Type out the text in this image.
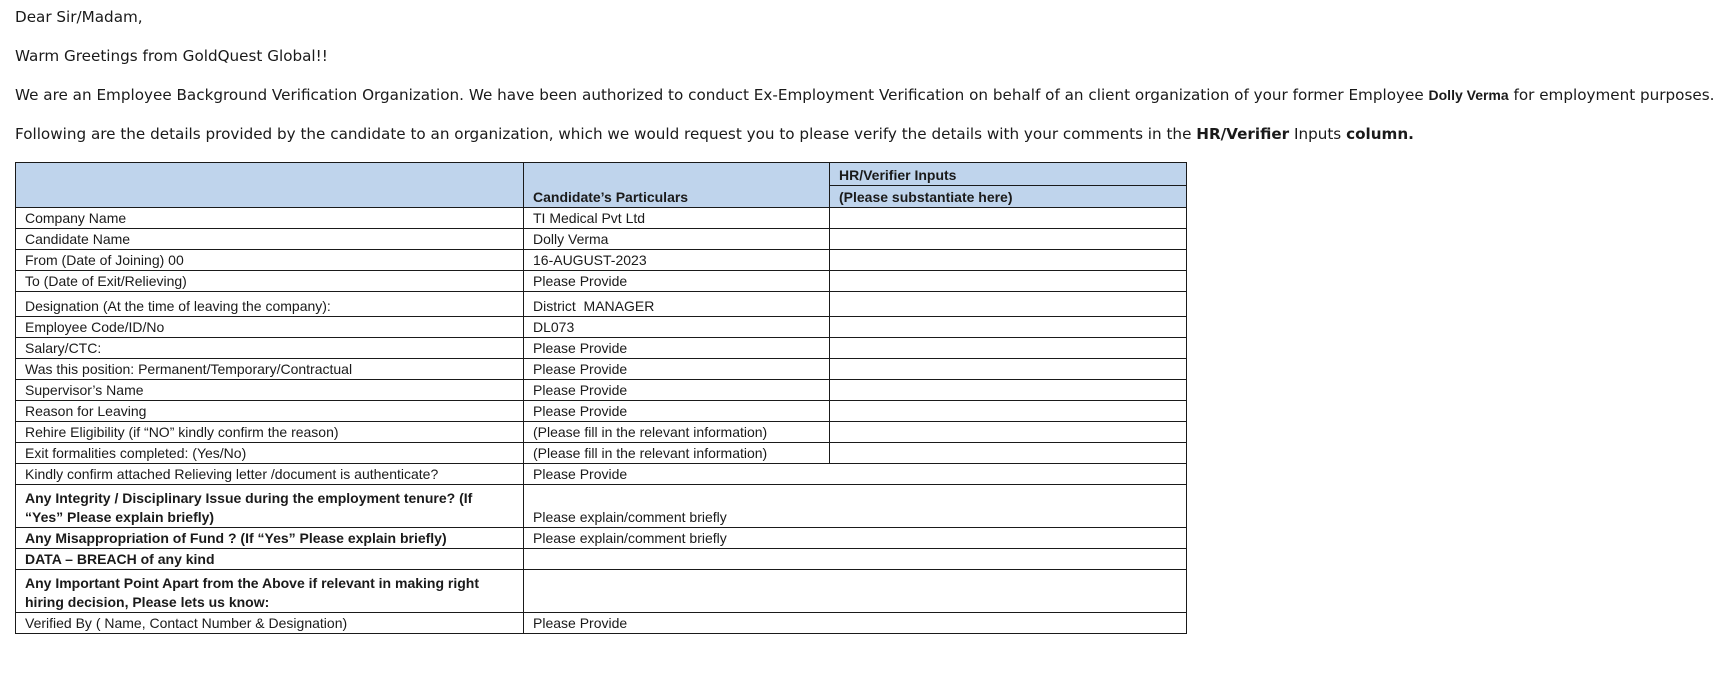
Dear Sir/Madam,

Warm Greetings from GoldQuest Global!!

We are an Employee Background Verification Organization. We have been authorized to conduct Ex-Employment Verification on behalf of an client organization of your former Employee Dolly Verma for employment purposes.

Following are the details provided by the candidate to an organization, which we would request you to please verify the details with your comments in the HR/Verifier Inputs column.

	Candidate’s Particulars	HR/Verifier Inputs
		(Please substantiate here)
Company Name	TI Medical Pvt Ltd	
Candidate Name	Dolly Verma	
From (Date of Joining) 00	16-AUGUST-2023	
To (Date of Exit/Relieving)	Please Provide	
Designation (At the time of leaving the company):	District  MANAGER	
Employee Code/ID/No	DL073	
Salary/CTC:	Please Provide	
Was this position: Permanent/Temporary/Contractual	Please Provide	
Supervisor’s Name	Please Provide	
Reason for Leaving	Please Provide	
Rehire Eligibility (if “NO” kindly confirm the reason)	(Please fill in the relevant information)	
Exit formalities completed: (Yes/No)	(Please fill in the relevant information)	
Kindly confirm attached Relieving letter /document is authenticate?	Please Provide	
Any Integrity / Disciplinary Issue during the employment tenure? (If “Yes” Please explain briefly)	Please explain/comment briefly	
Any Misappropriation of Fund ? (If “Yes” Please explain briefly)	Please explain/comment briefly	
DATA – BREACH of any kind		
Any Important Point Apart from the Above if relevant in making right hiring decision, Please lets us know:		
Verified By ( Name, Contact Number & Designation)	Please Provide	
